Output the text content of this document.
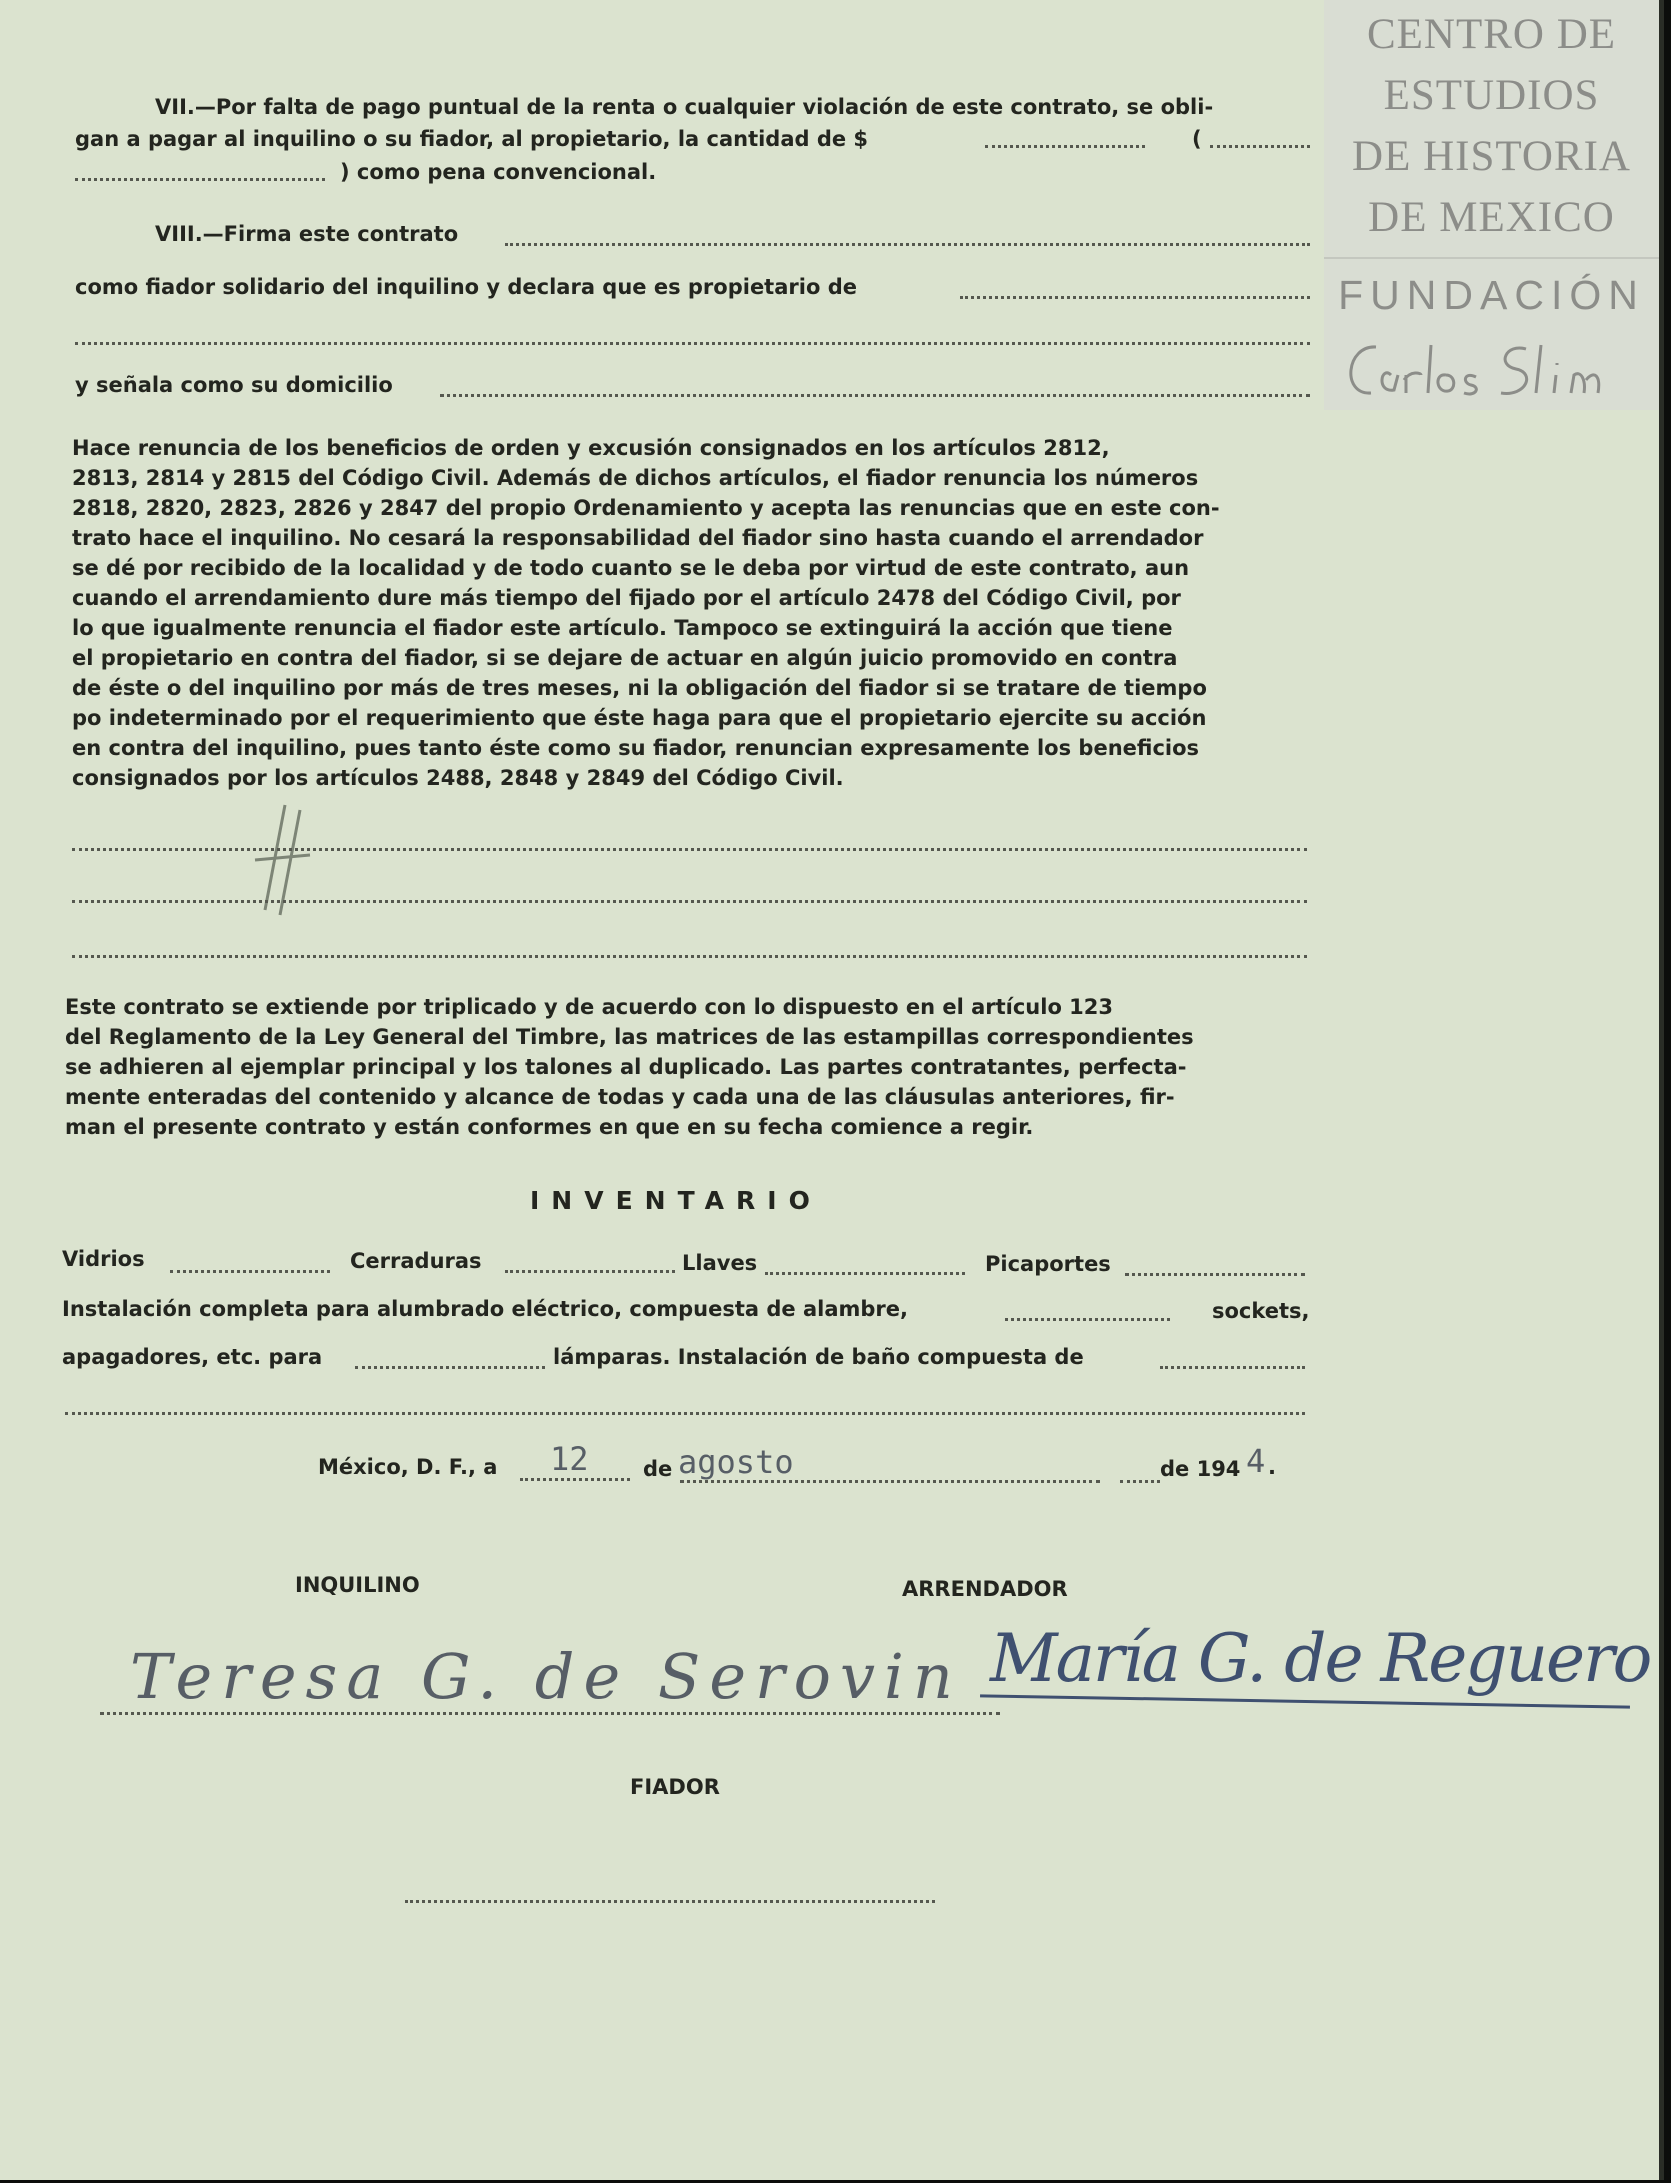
CENTRO DE
ESTUDIOS
DE HISTORIA
DE MEXICO
FUNDACIÓN
VII.—Por falta de pago puntual de la renta o cualquier violación de este contrato, se obli-
gan a pagar al inquilino o su fiador, al propietario, la cantidad de $	(
) como pena convencional.
VIII.—Firma este contrato
como fiador solidario del inquilino y declara que es propietario de
y señala como su domicilio
Hace renuncia de los beneficios de orden y excusión consignados en los artículos 2812,
2813, 2814 y 2815 del Código Civil. Además de dichos artículos, el fiador renuncia los números
2818, 2820, 2823, 2826 y 2847 del propio Ordenamiento y acepta las renuncias que en este con-
trato hace el inquilino. No cesará la responsabilidad del fiador sino hasta cuando el arrendador
se dé por recibido de la localidad y de todo cuanto se le deba por virtud de este contrato, aun
cuando el arrendamiento dure más tiempo del fijado por el artículo 2478 del Código Civil, por
lo que igualmente renuncia el fiador este artículo. Tampoco se extinguirá la acción que tiene
el propietario en contra del fiador, si se dejare de actuar en algún juicio promovido en contra
de éste o del inquilino por más de tres meses, ni la obligación del fiador si se tratare de tiempo
po indeterminado por el requerimiento que éste haga para que el propietario ejercite su acción
en contra del inquilino, pues tanto éste como su fiador, renuncian expresamente los beneficios
consignados por los artículos 2488, 2848 y 2849 del Código Civil.
Este contrato se extiende por triplicado y de acuerdo con lo dispuesto en el artículo 123
del Reglamento de la Ley General del Timbre, las matrices de las estampillas correspondientes
se adhieren al ejemplar principal y los talones al duplicado. Las partes contratantes, perfecta-
mente enteradas del contenido y alcance de todas y cada una de las cláusulas anteriores, fir-
man el presente contrato y están conformes en que en su fecha comience a regir.
INVENTARIO
Vidrios	Cerraduras	Llaves	Picaportes
Instalación completa para alumbrado eléctrico, compuesta de alambre,	sockets,
apagadores, etc. para	lámparas. Instalación de baño compuesta de
México, D. F., a 12	de agosto	de 194 4 .
INQUILINO	ARRENDADOR
Teresa G. de Serovin María G. de Reguero
FIADOR
